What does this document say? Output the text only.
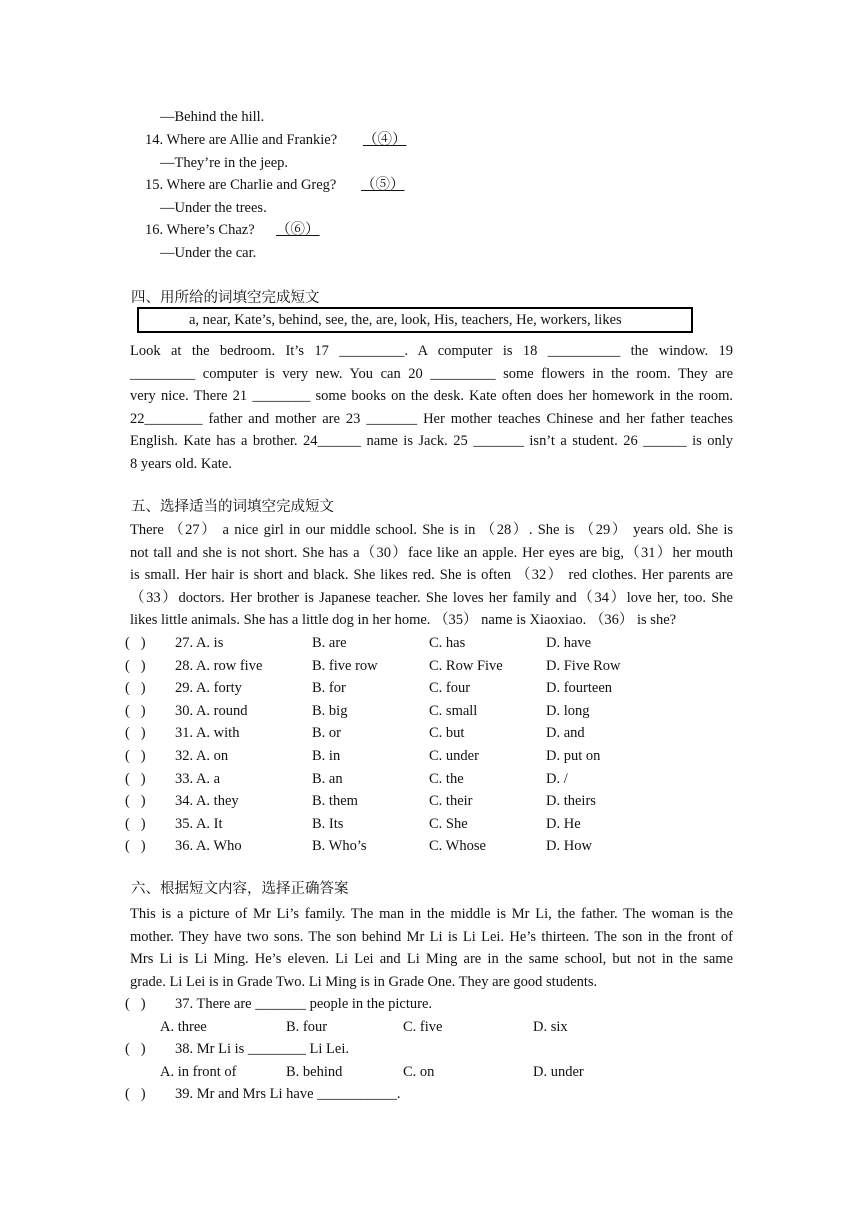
—Behind the hill.
14. Where are Allie and Frankie? （④）
—They’re in the jeep.
15. Where are Charlie and Greg? （⑤）
—Under the trees.
16. Where’s Chaz? （⑥）
—Under the car.
四、用所给的词填空完成短文
a, near, Kate’s, behind, see, the, are, look, His, teachers, He, workers, likes
Look at the bedroom. It’s 17 _________. A computer is 18 __________ the window. 19
_________ computer is very new. You can 20 _________ some flowers in the room. They are
very nice. There 21 ________ some books on the desk. Kate often does her homework in the room.
22________ father and mother are 23 _______ Her mother teaches Chinese and her father teaches
English. Kate has a brother. 24______ name is Jack. 25 _______ isn’t a student. 26 ______ is only
8 years old. Kate.
五、选择适当的词填空完成短文
There （27） a nice girl in our middle school. She is in （28）. She is （29） years old. She is
not tall and she is not short. She has a（30）face like an apple. Her eyes are big,（31）her mouth
is small. Her hair is short and black. She likes red. She is often （32） red clothes. Her parents are
（33）doctors. Her brother is Japanese teacher. She loves her family and（34）love her, too. She
likes little animals. She has a little dog in her home. （35） name is Xiaoxiao. （36） is she?
(   ) 27. A. is	B. are	C. has	D. have
(   ) 28. A. row five	B. five row	C. Row Five	D. Five Row
(   ) 29. A. forty	B. for	C. four	D. fourteen
(   ) 30. A. round	B. big	C. small	D. long
(   ) 31. A. with	B. or	C. but	D. and
(   ) 32. A. on	B. in	C. under	D. put on
(   ) 33. A. a	B. an	C. the	D. /
(   ) 34. A. they	B. them	C. their	D. theirs
(   ) 35. A. It	B. Its	C. She	D. He
(   ) 36. A. Who	B. Who’s	C. Whose	D. How
六、根据短文内容，选择正确答案
This is a picture of Mr Li’s family. The man in the middle is Mr Li, the father. The woman is the
mother. They have two sons. The son behind Mr Li is Li Lei. He’s thirteen. The son in the front of
Mrs Li is Li Ming. He’s eleven. Li Lei and Li Ming are in the same school, but not in the same
grade. Li Lei is in Grade Two. Li Ming is in Grade One. They are good students.
(   ) 37. There are _______ people in the picture.
A. three	B. four	C. five	D. six
(   ) 38. Mr Li is ________ Li Lei.
A. in front of	B. behind	C. on	D. under
(   ) 39. Mr and Mrs Li have ___________.
